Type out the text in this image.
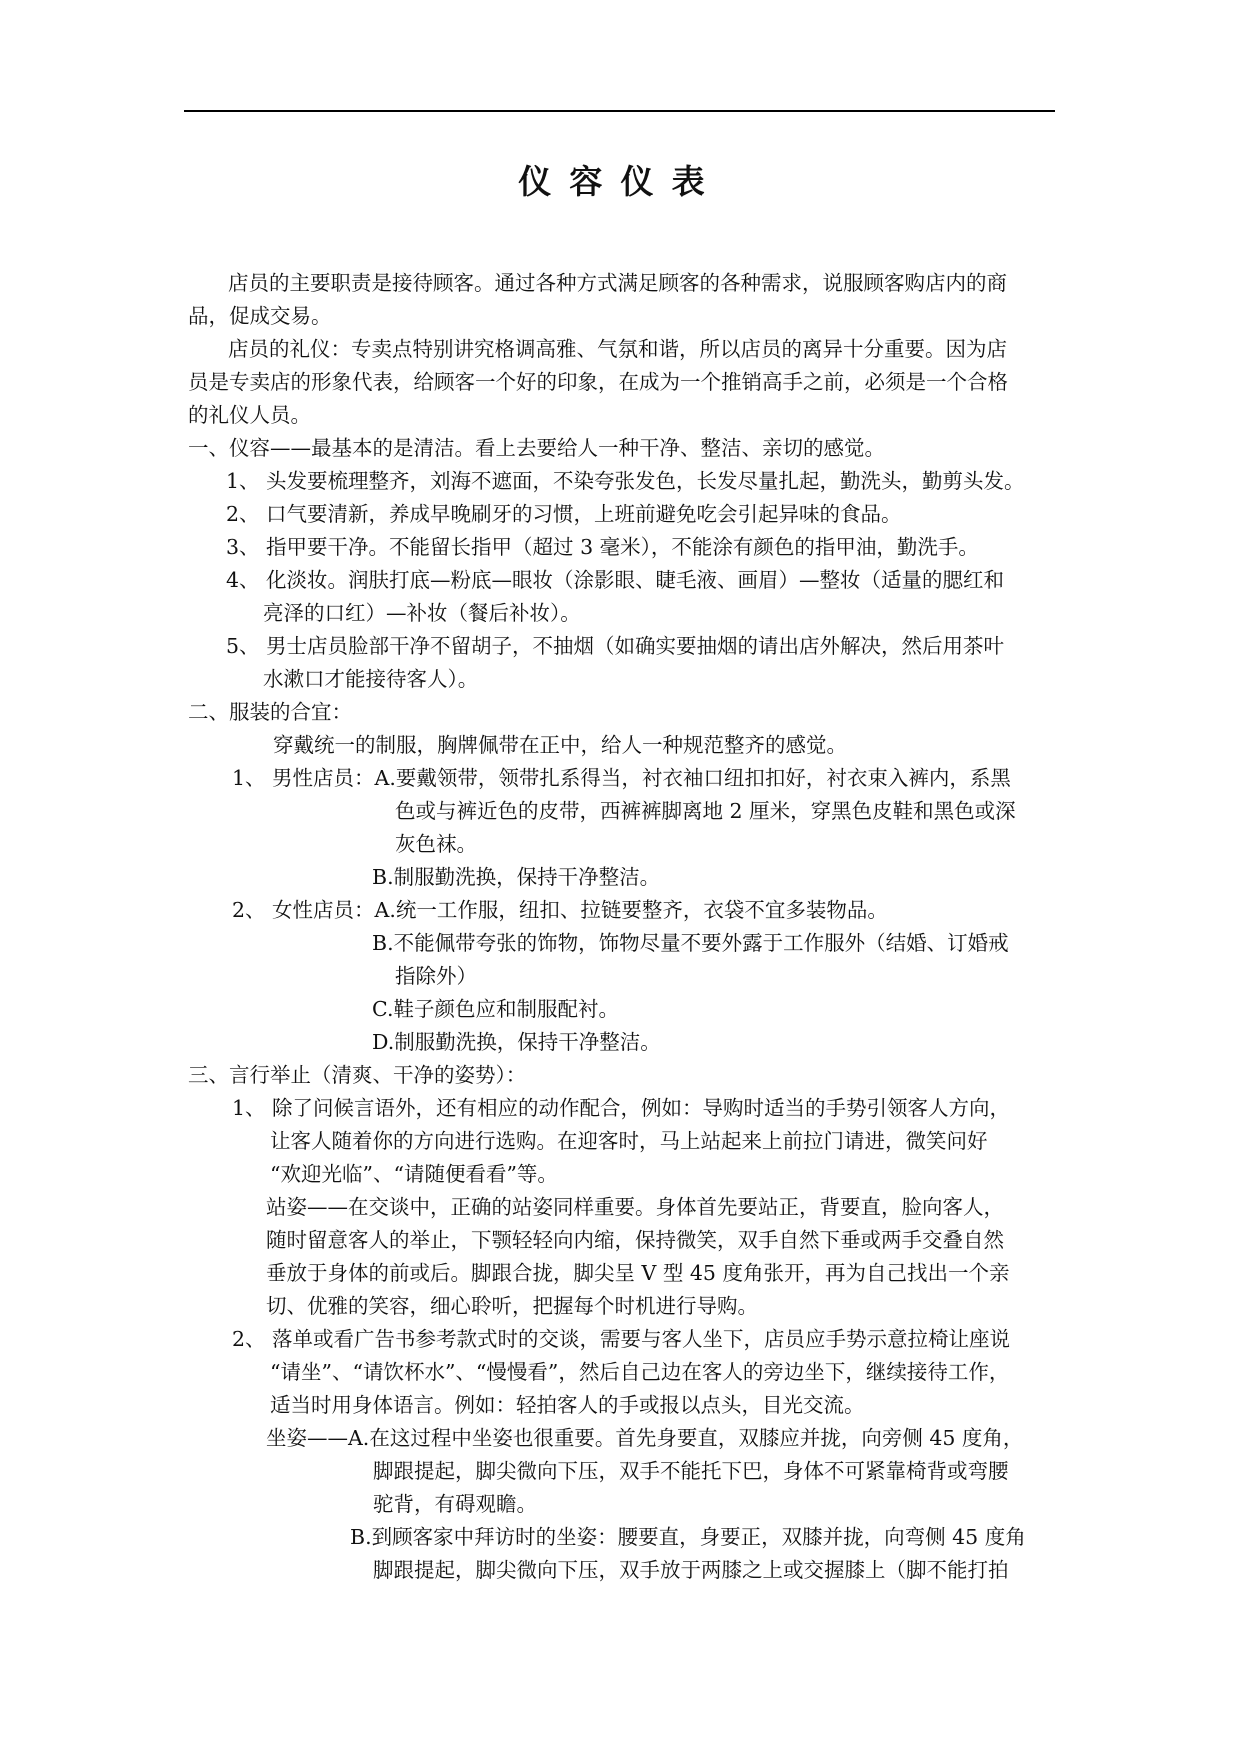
仪容仪表
店员的主要职责是接待顾客。通过各种方式满足顾客的各种需求，说服顾客购店内的商
品，促成交易。
店员的礼仪：专卖点特别讲究格调高雅、气氛和谐，所以店员的离异十分重要。因为店
员是专卖店的形象代表，给顾客一个好的印象，在成为一个推销高手之前，必须是一个合格
的礼仪人员。
一、仪容——最基本的是清洁。看上去要给人一种干净、整洁、亲切的感觉。
1、 头发要梳理整齐，刘海不遮面，不染夸张发色，长发尽量扎起，勤洗头，勤剪头发。
2、 口气要清新，养成早晚刷牙的习惯，上班前避免吃会引起异味的食品。
3、 指甲要干净。不能留长指甲（超过 3 毫米），不能涂有颜色的指甲油，勤洗手。
4、 化淡妆。润肤打底—粉底—眼妆（涂影眼、睫毛液、画眉）—整妆（适量的腮红和
亮泽的口红）—补妆（餐后补妆）。
5、 男士店员脸部干净不留胡子，不抽烟（如确实要抽烟的请出店外解决，然后用茶叶
水漱口才能接待客人）。
二、服装的合宜：
穿戴统一的制服，胸牌佩带在正中，给人一种规范整齐的感觉。
1、 男性店员：A.要戴领带，领带扎系得当，衬衣袖口纽扣扣好，衬衣束入裤内，系黑
色或与裤近色的皮带，西裤裤脚离地 2 厘米，穿黑色皮鞋和黑色或深
灰色袜。
B.制服勤洗换，保持干净整洁。
2、 女性店员：A.统一工作服，纽扣、拉链要整齐，衣袋不宜多装物品。
B.不能佩带夸张的饰物，饰物尽量不要外露于工作服外（结婚、订婚戒
指除外）
C.鞋子颜色应和制服配衬。
D.制服勤洗换，保持干净整洁。
三、言行举止（清爽、干净的姿势）：
1、 除了问候言语外，还有相应的动作配合，例如：导购时适当的手势引领客人方向，
让客人随着你的方向进行选购。在迎客时，马上站起来上前拉门请进，微笑问好
“欢迎光临”、“请随便看看”等。
站姿——在交谈中，正确的站姿同样重要。身体首先要站正，背要直，脸向客人，
随时留意客人的举止，下颚轻轻向内缩，保持微笑，双手自然下垂或两手交叠自然
垂放于身体的前或后。脚跟合拢，脚尖呈 V 型 45 度角张开，再为自己找出一个亲
切、优雅的笑容，细心聆听，把握每个时机进行导购。
2、 落单或看广告书参考款式时的交谈，需要与客人坐下，店员应手势示意拉椅让座说
“请坐”、“请饮杯水”、“慢慢看”，然后自己边在客人的旁边坐下，继续接待工作，
适当时用身体语言。例如：轻拍客人的手或报以点头，目光交流。
坐姿——A.在这过程中坐姿也很重要。首先身要直，双膝应并拢，向旁侧 45 度角，
脚跟提起，脚尖微向下压，双手不能托下巴，身体不可紧靠椅背或弯腰
驼背，有碍观瞻。
B.到顾客家中拜访时的坐姿：腰要直，身要正，双膝并拢，向弯侧 45 度角
脚跟提起，脚尖微向下压，双手放于两膝之上或交握膝上（脚不能打拍
